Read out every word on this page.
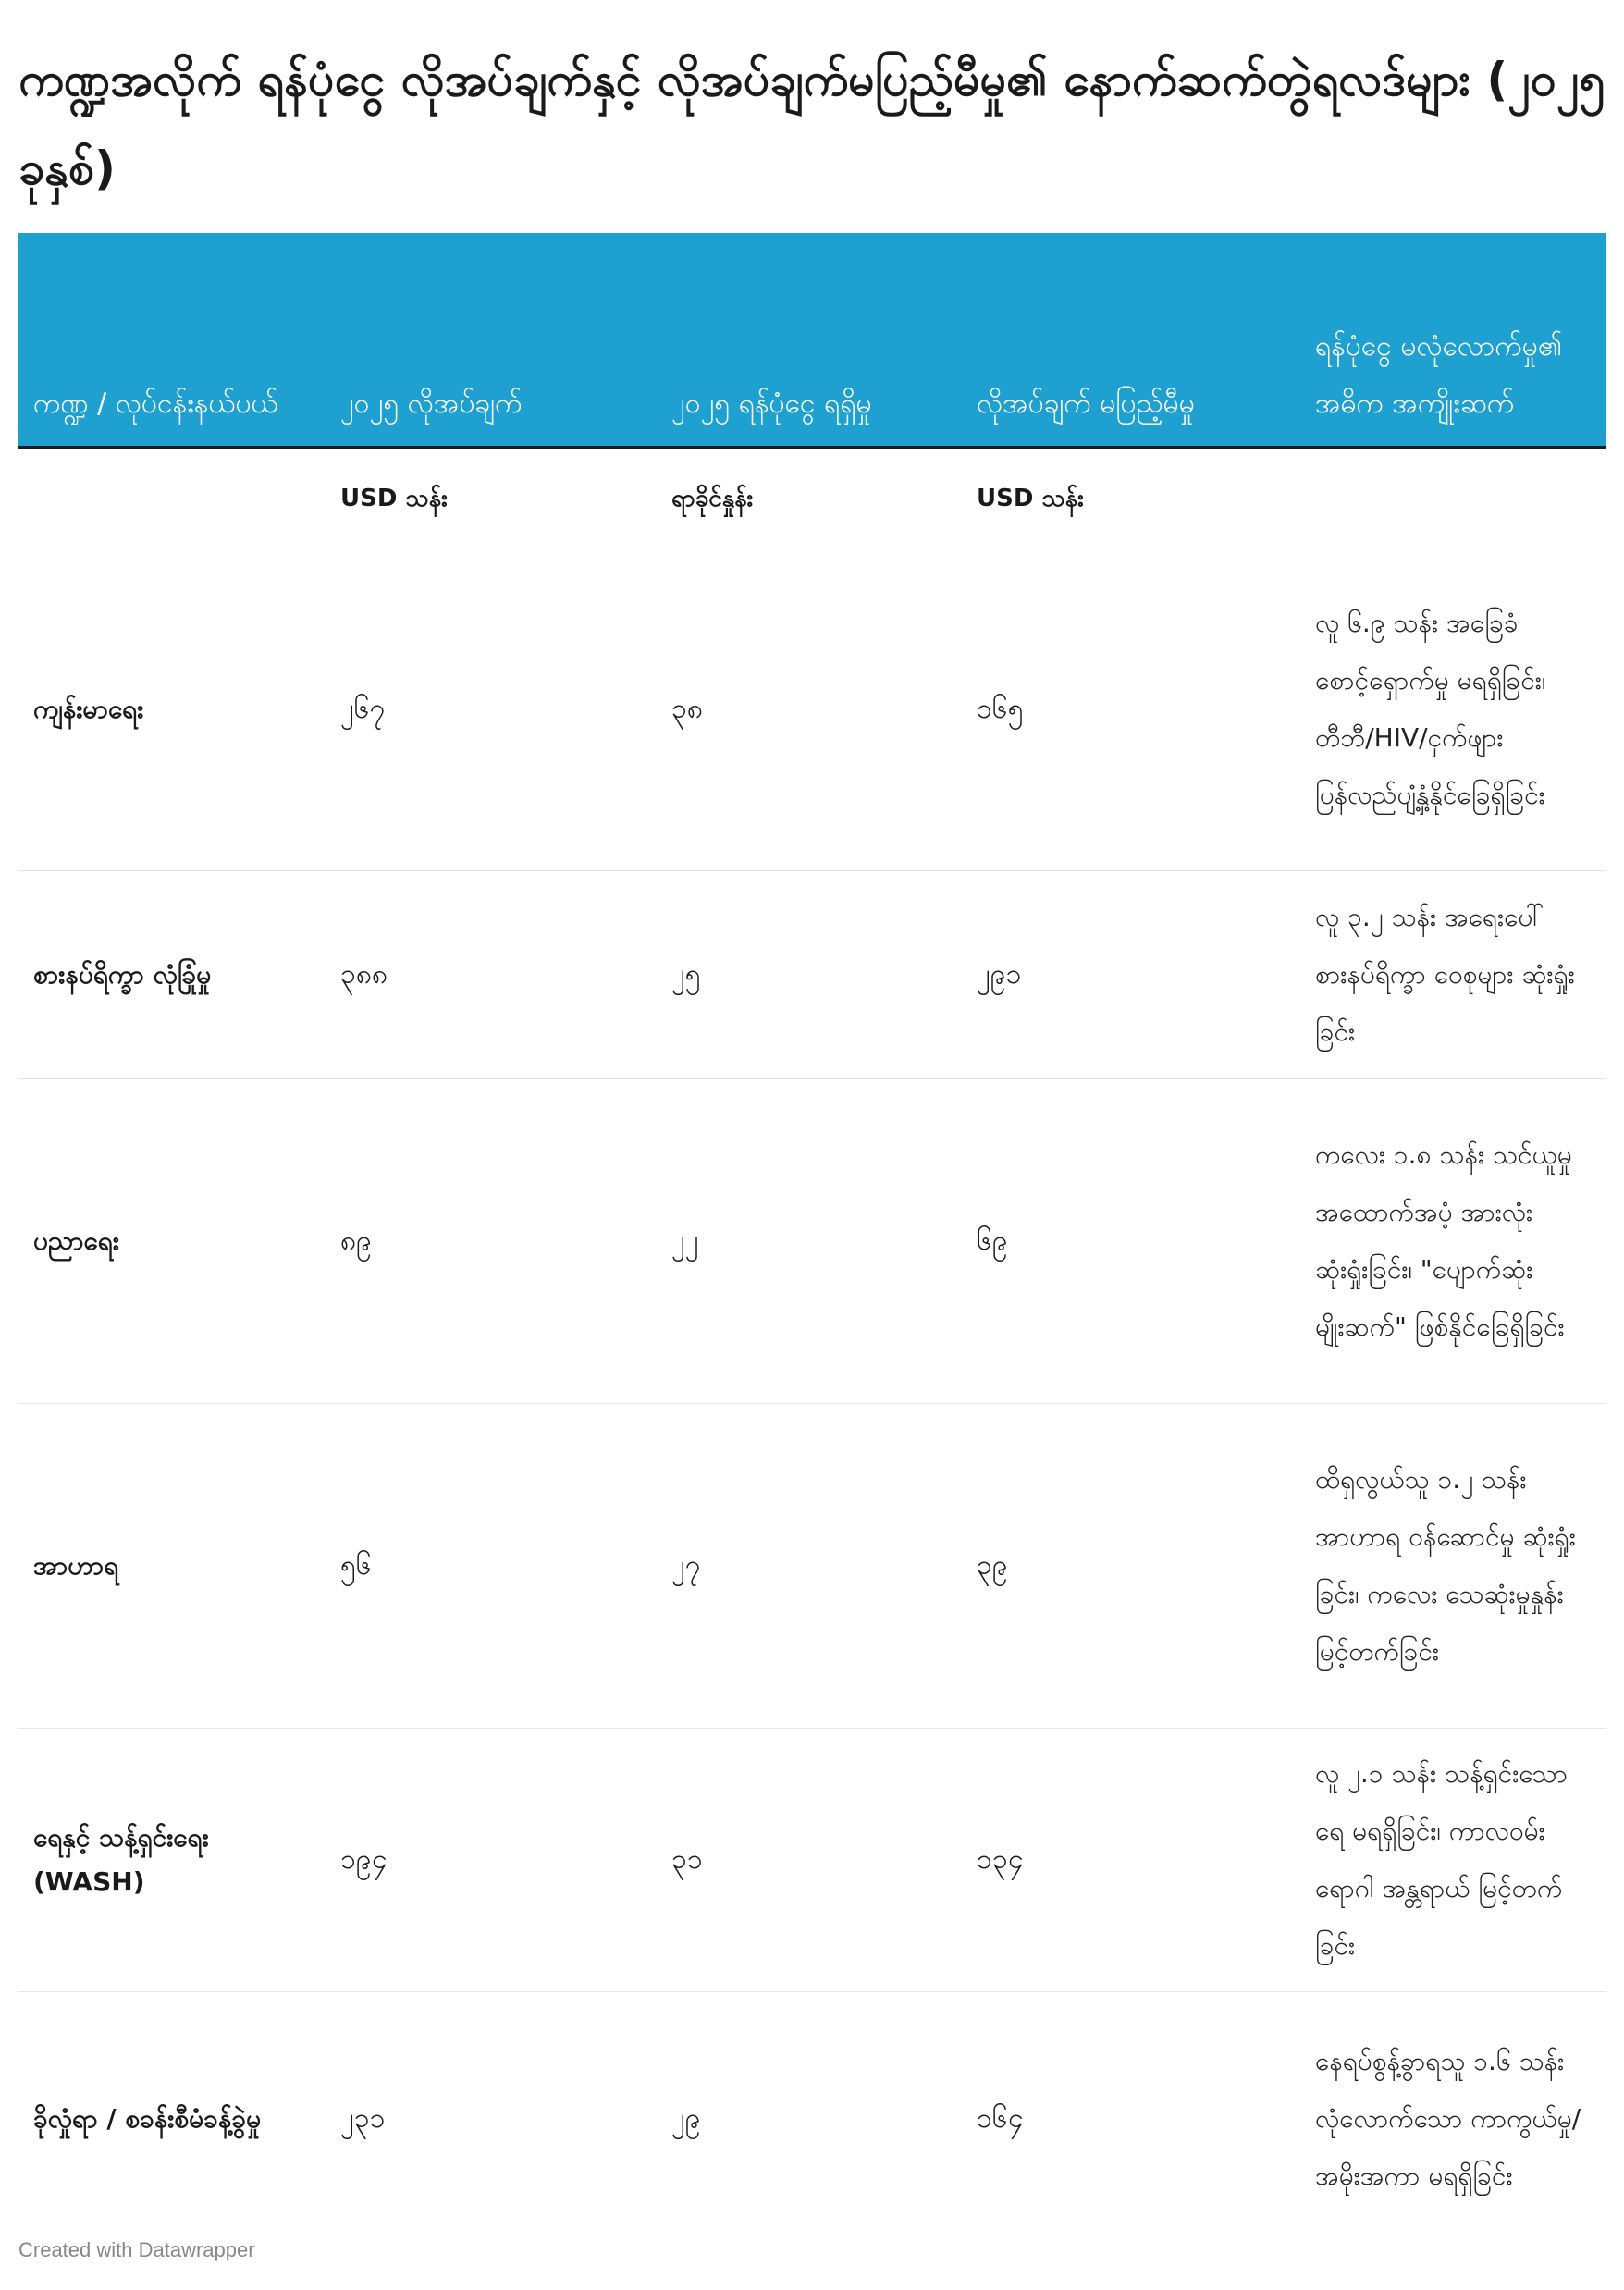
ကဏ္ဍအလိုက် ရန်ပုံငွေ လိုအပ်ချက်နှင့် လိုအပ်ချက်မပြည့်မီမှု၏ နောက်ဆက်တွဲရလဒ်များ (၂၀၂၅ ခုနှစ်)
ကဏ္ဍ / လုပ်ငန်းနယ်ပယ်	၂၀၂၅ လိုအပ်ချက်	၂၀၂၅ ရန်ပုံငွေ ရရှိမှု	လိုအပ်ချက် မပြည့်မီမှု	ရန်ပုံငွေ မလုံလောက်မှု၏ အဓိက အကျိုးဆက်
	USD သန်း	ရာခိုင်နှုန်း	USD သန်း	
ကျန်းမာရေး	၂၆၇	၃၈	၁၆၅	လူ ၆.၉ သန်း အခြေခံ စောင့်ရှောက်မှု မရရှိခြင်း၊ တီဘီ/HIV/ငှက်ဖျား ပြန်လည်ပျံ့နှံ့နိုင်ခြေရှိခြင်း
စားနပ်ရိက္ခာ လုံခြုံမှု	၃၈၈	၂၅	၂၉၁	လူ ၃.၂ သန်း အရေးပေါ် စားနပ်ရိက္ခာ ဝေစုများ ဆုံးရှုံးခြင်း
ပညာရေး	၈၉	၂၂	၆၉	ကလေး ၁.၈ သန်း သင်ယူမှု အထောက်အပံ့ အားလုံး ဆုံးရှုံးခြင်း၊ "ပျောက်ဆုံးမျိုးဆက်" ဖြစ်နိုင်ခြေရှိခြင်း
အာဟာရ	၅၆	၂၇	၃၉	ထိရှလွယ်သူ ၁.၂ သန်း အာဟာရ ဝန်ဆောင်မှု ဆုံးရှုံးခြင်း၊ ကလေး သေဆုံးမှုနှုန်း မြင့်တက်ခြင်း
ရေနှင့် သန့်ရှင်းရေး (WASH)	၁၉၄	၃၁	၁၃၄	လူ ၂.၁ သန်း သန့်ရှင်းသောရေ မရရှိခြင်း၊ ကာလဝမ်းရောဂါ အန္တရာယ် မြင့်တက်ခြင်း
ခိုလှုံရာ / စခန်းစီမံခန့်ခွဲမှု	၂၃၁	၂၉	၁၆၄	နေရပ်စွန့်ခွာရသူ ၁.၆ သန်း လုံလောက်သော ကာကွယ်မှု/အမိုးအကာ မရရှိခြင်း
Created with Datawrapper
